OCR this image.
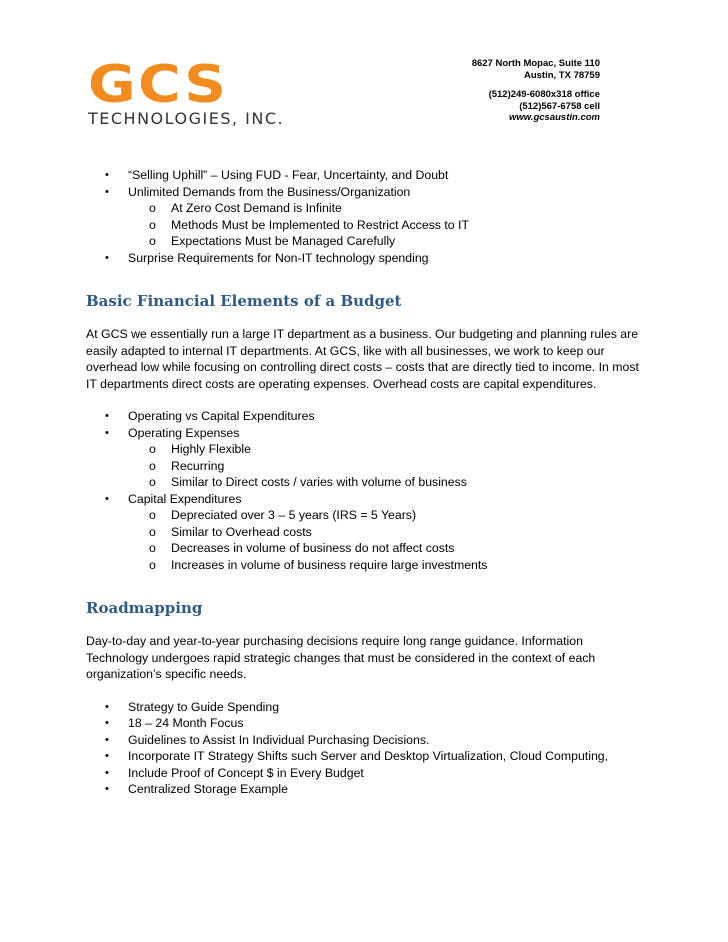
GCS
TECHNOLOGIES, INC.
8627 North Mopac, Suite 110
Austin, TX 78759
(512)249-6080x318 office
(512)567-6758 cell
www.gcsaustin.com
• “Selling Uphill” – Using FUD - Fear, Uncertainty, and Doubt
• Unlimited Demands from the Business/Organization
o At Zero Cost Demand is Infinite
o Methods Must be Implemented to Restrict Access to IT
o Expectations Must be Managed Carefully
• Surprise Requirements for Non-IT technology spending
Basic Financial Elements of a Budget

At GCS we essentially run a large IT department as a business. Our budgeting and planning rules are easily adapted to internal IT departments. At GCS, like with all businesses, we work to keep our overhead low while focusing on controlling direct costs – costs that are directly tied to income. In most IT departments direct costs are operating expenses. Overhead costs are capital expenditures.

• Operating vs Capital Expenditures
• Operating Expenses
o Highly Flexible
o Recurring
o Similar to Direct costs / varies with volume of business
• Capital Expenditures
o Depreciated over 3 – 5 years (IRS = 5 Years)
o Similar to Overhead costs
o Decreases in volume of business do not affect costs
o Increases in volume of business require large investments
Roadmapping

Day-to-day and year-to-year purchasing decisions require long range guidance. Information Technology undergoes rapid strategic changes that must be considered in the context of each organization’s specific needs.

• Strategy to Guide Spending
• 18 – 24 Month Focus
• Guidelines to Assist In Individual Purchasing Decisions.
• Incorporate IT Strategy Shifts such Server and Desktop Virtualization, Cloud Computing,
• Include Proof of Concept $ in Every Budget
• Centralized Storage Example
